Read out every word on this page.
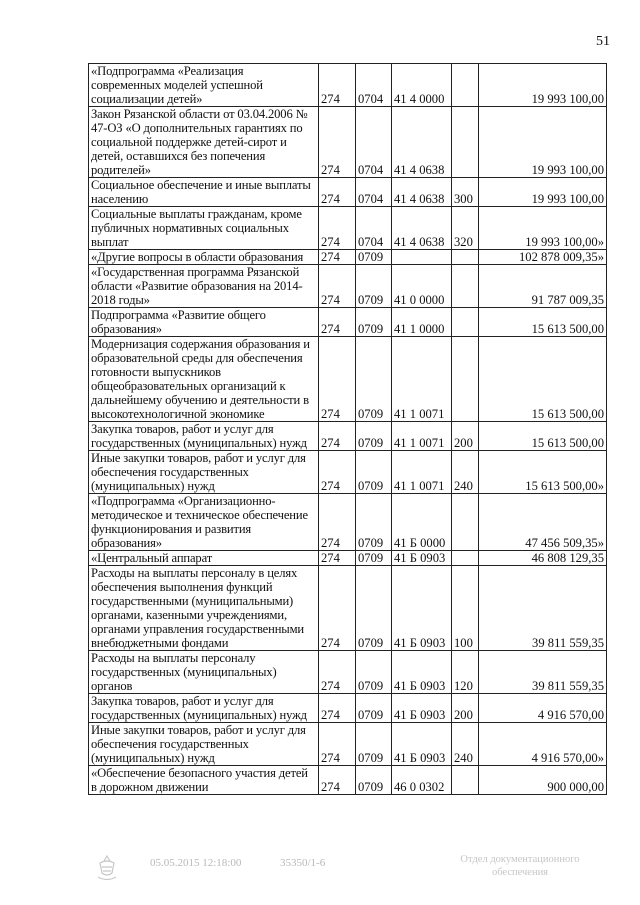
51
«Подпрограмма «Реализация современных моделей успешной социализации детей»	274	0704	41 4 0000		19 993 100,00
Закон Рязанской области от 03.04.2006 № 47-ОЗ «О дополнительных гарантиях по социальной поддержке детей-сирот и детей, оставшихся без попечения родителей»	274	0704	41 4 0638		19 993 100,00
Социальное обеспечение и иные выплаты населению	274	0704	41 4 0638	300	19 993 100,00
Социальные выплаты гражданам, кроме публичных нормативных социальных выплат	274	0704	41 4 0638	320	19 993 100,00»
«Другие вопросы в области образования	274	0709			102 878 009,35»
«Государственная программа Рязанской области «Развитие образования на 2014-2018 годы»	274	0709	41 0 0000		91 787 009,35
Подпрограмма «Развитие общего образования»	274	0709	41 1 0000		15 613 500,00
Модернизация содержания образования и образовательной среды для обеспечения готовности выпускников общеобразовательных организаций к дальнейшему обучению и деятельности в высокотехнологичной экономике	274	0709	41 1 0071		15 613 500,00
Закупка товаров, работ и услуг для государственных (муниципальных) нужд	274	0709	41 1 0071	200	15 613 500,00
Иные закупки товаров, работ и услуг для обеспечения государственных (муниципальных) нужд	274	0709	41 1 0071	240	15 613 500,00»
«Подпрограмма «Организационно-методическое и техническое обеспечение функционирования и развития образования»	274	0709	41 Б 0000		47 456 509,35»
«Центральный аппарат	274	0709	41 Б 0903		46 808 129,35
Расходы на выплаты персоналу в целях обеспечения выполнения функций государственными (муниципальными) органами, казенными учреждениями, органами управления государственными внебюджетными фондами	274	0709	41 Б 0903	100	39 811 559,35
Расходы на выплаты персоналу государственных (муниципальных) органов	274	0709	41 Б 0903	120	39 811 559,35
Закупка товаров, работ и услуг для государственных (муниципальных) нужд	274	0709	41 Б 0903	200	4 916 570,00
Иные закупки товаров, работ и услуг для обеспечения государственных (муниципальных) нужд	274	0709	41 Б 0903	240	4 916 570,00»
«Обеспечение безопасного участия детей в дорожном движении	274	0709	46 0 0302		900 000,00
05.05.2015 12:18:00	35350/1-6	Отдел документационного
обеспечения
